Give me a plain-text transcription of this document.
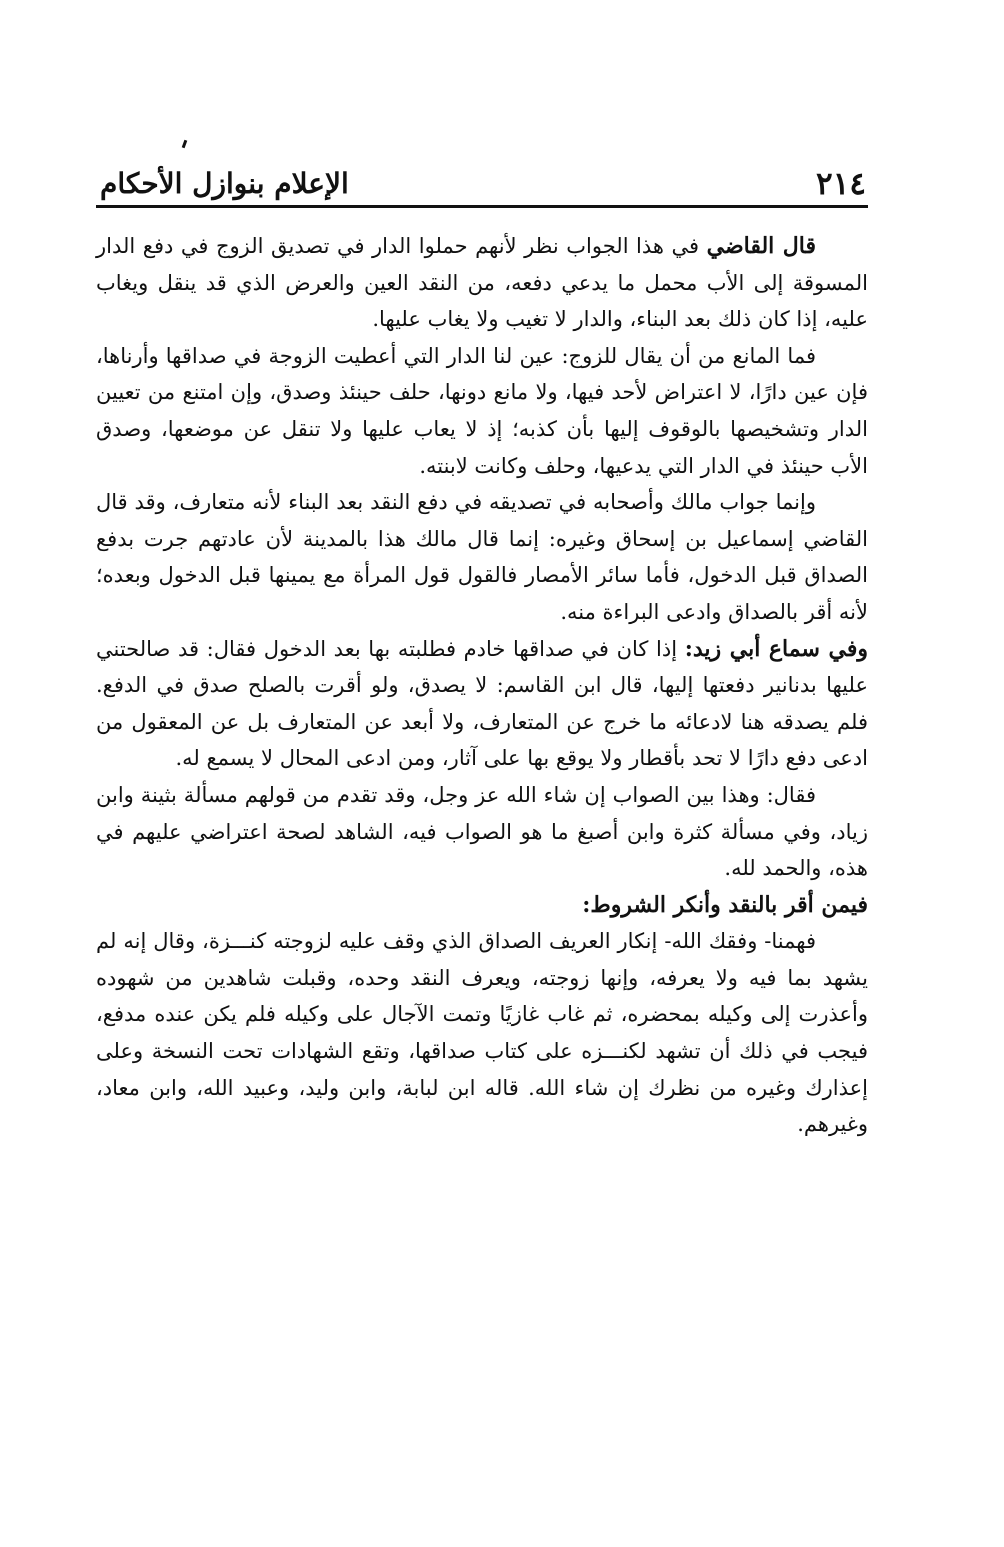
٢١٤
الإعلام بنوازل الأحكام

قال القاضي في هذا الجواب نظر لأنهم حملوا الدار في تصديق الزوج في دفع الدار المسوقة إلى الأب محمل ما يدعي دفعه، من النقد العين والعرض الذي قد ينقل ويغاب عليه، إذا كان ذلك بعد البناء، والدار لا تغيب ولا يغاب عليها.

فما المانع من أن يقال للزوج: عين لنا الدار التي أعطيت الزوجة في صداقها وأرناها، فإن عين دارًا، لا اعتراض لأحد فيها، ولا مانع دونها، حلف حينئذ وصدق، وإن امتنع من تعيين الدار وتشخيصها بالوقوف إليها بأن كذبه؛ إذ لا يعاب عليها ولا تنقل عن موضعها، وصدق الأب حينئذ في الدار التي يدعيها، وحلف وكانت لابنته.

وإنما جواب مالك وأصحابه في تصديقه في دفع النقد بعد البناء لأنه متعارف، وقد قال القاضي إسماعيل بن إسحاق وغيره: إنما قال مالك هذا بالمدينة لأن عادتهم جرت بدفع الصداق قبل الدخول، فأما سائر الأمصار فالقول قول المرأة مع يمينها قبل الدخول وبعده؛ لأنه أقر بالصداق وادعى البراءة منه.

وفي سماع أبي زيد: إذا كان في صداقها خادم فطلبته بها بعد الدخول فقال: قد صالحتني عليها بدنانير دفعتها إليها، قال ابن القاسم: لا يصدق، ولو أقرت بالصلح صدق في الدفع. فلم يصدقه هنا لادعائه ما خرج عن المتعارف، ولا أبعد عن المتعارف بل عن المعقول من ادعى دفع دارًا لا تحد بأقطار ولا يوقع بها على آثار، ومن ادعى المحال لا يسمع له.

فقال: وهذا بين الصواب إن شاء الله عز وجل، وقد تقدم من قولهم مسألة بثينة وابن زياد، وفي مسألة كثرة وابن أصبغ ما هو الصواب فيه، الشاهد لصحة اعتراضي عليهم في هذه، والحمد لله.

فيمن أقر بالنقد وأنكر الشروط:

فهمنا- وفقك الله- إنكار العريف الصداق الذي وقف عليه لزوجته كنـــزة، وقال إنه لم يشهد بما فيه ولا يعرفه، وإنها زوجته، ويعرف النقد وحده، وقبلت شاهدين من شهوده وأعذرت إلى وكيله بمحضره، ثم غاب غازيًا وتمت الآجال على وكيله فلم يكن عنده مدفع، فيجب في ذلك أن تشهد لكنـــزه على كتاب صداقها، وتقع الشهادات تحت النسخة وعلى إعذارك وغيره من نظرك إن شاء الله. قاله ابن لبابة، وابن وليد، وعبيد الله، وابن معاد، وغيرهم.
